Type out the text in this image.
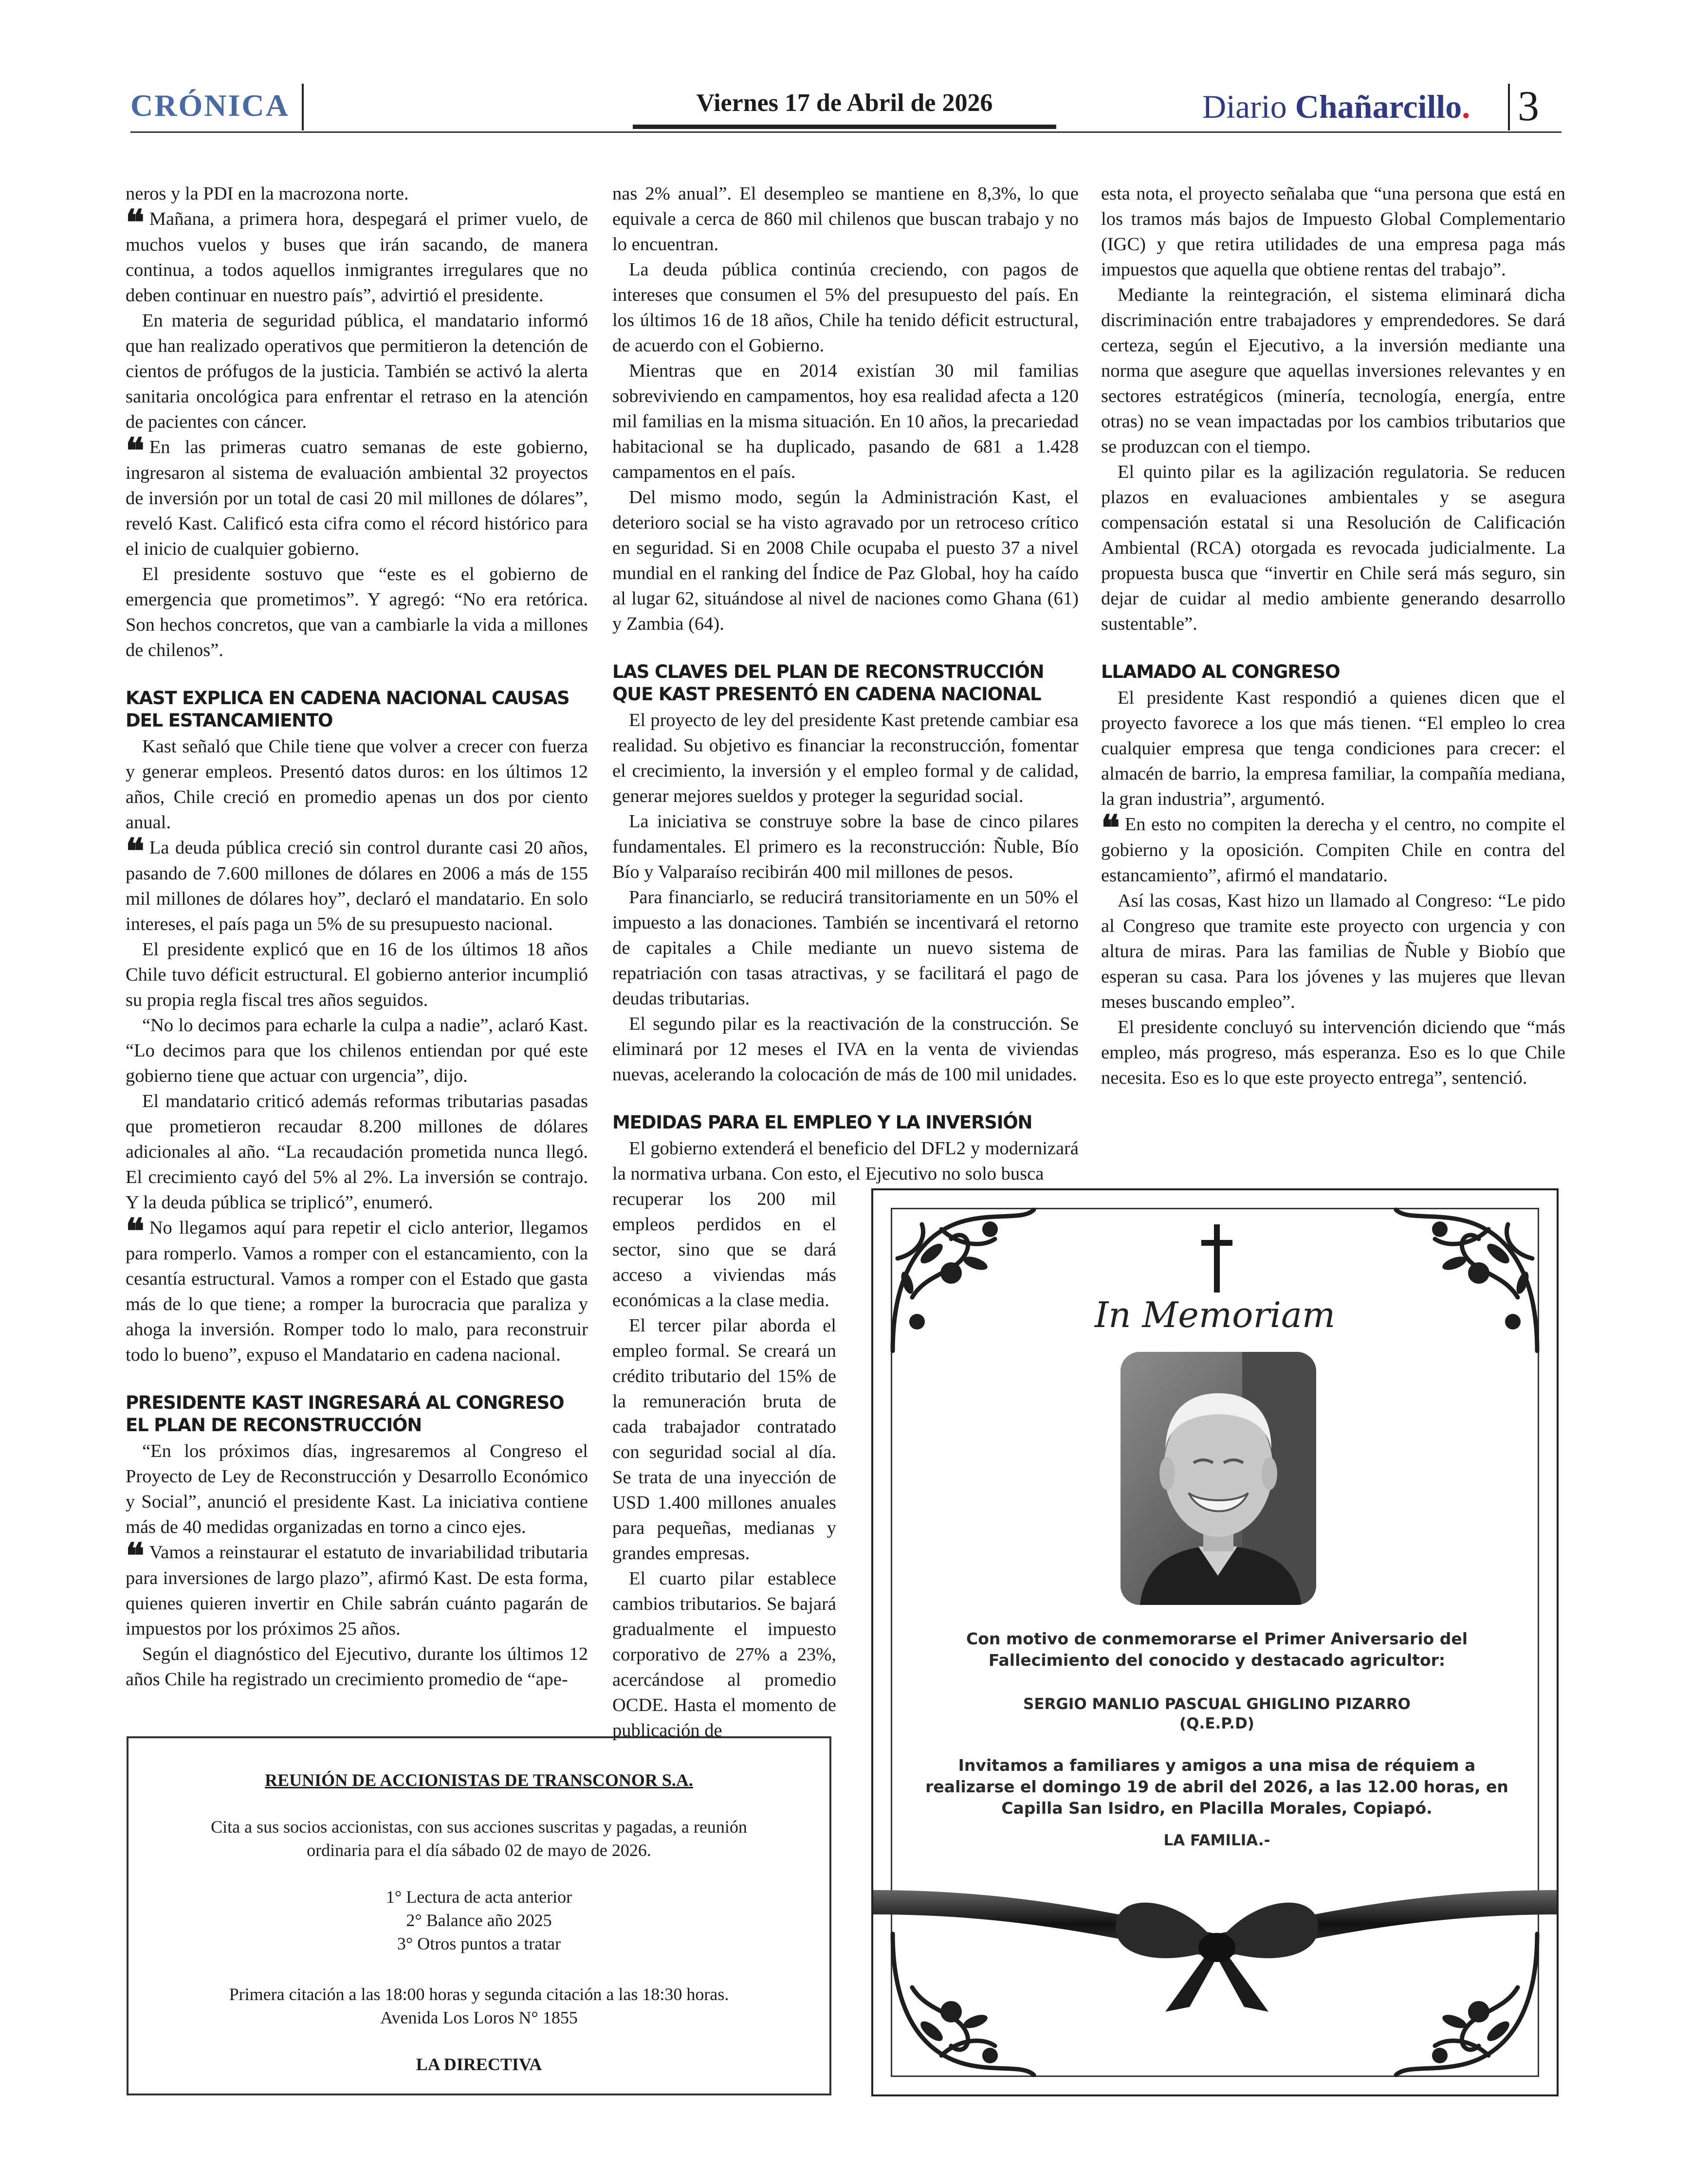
CRÓNICA	Viernes 17 de Abril de 2026	Diario Chañarcillo. 3

neros y la PDI en la macrozona norte.

❝ Mañana, a primera hora, despegará el primer vuelo, de muchos vuelos y buses que irán sacando, de manera continua, a todos aquellos inmigrantes irregulares que no deben continuar en nuestro país”, advirtió el presidente.

En materia de seguridad pública, el mandatario informó que han realizado operativos que permitieron la detención de cientos de prófugos de la justicia. También se activó la alerta sanitaria oncológica para enfrentar el retraso en la atención de pacientes con cáncer.

❝ En las primeras cuatro semanas de este gobierno, ingresaron al sistema de evaluación ambiental 32 proyectos de inversión por un total de casi 20 mil millones de dólares”, reveló Kast. Calificó esta cifra como el récord histórico para el inicio de cualquier gobierno.

El presidente sostuvo que “este es el gobierno de emergencia que prometimos”. Y agregó: “No era retórica. Son hechos concretos, que van a cambiarle la vida a millones de chilenos”.

KAST EXPLICA EN CADENA NACIONAL CAUSAS DEL ESTANCAMIENTO

Kast señaló que Chile tiene que volver a crecer con fuerza y generar empleos. Presentó datos duros: en los últimos 12 años, Chile creció en promedio apenas un dos por ciento anual.

❝ La deuda pública creció sin control durante casi 20 años, pasando de 7.600 millones de dólares en 2006 a más de 155 mil millones de dólares hoy”, declaró el mandatario. En solo intereses, el país paga un 5% de su presupuesto nacional.

El presidente explicó que en 16 de los últimos 18 años Chile tuvo déficit estructural. El gobierno anterior incumplió su propia regla fiscal tres años seguidos.

“No lo decimos para echarle la culpa a nadie”, aclaró Kast. “Lo decimos para que los chilenos entiendan por qué este gobierno tiene que actuar con urgencia”, dijo.

El mandatario criticó además reformas tributarias pasadas que prometieron recaudar 8.200 millones de dólares adicionales al año. “La recaudación prometida nunca llegó. El crecimiento cayó del 5% al 2%. La inversión se contrajo. Y la deuda pública se triplicó”, enumeró.

❝ No llegamos aquí para repetir el ciclo anterior, llegamos para romperlo. Vamos a romper con el estancamiento, con la cesantía estructural. Vamos a romper con el Estado que gasta más de lo que tiene; a romper la burocracia que paraliza y ahoga la inversión. Romper todo lo malo, para reconstruir todo lo bueno”, expuso el Mandatario en cadena nacional.

PRESIDENTE KAST INGRESARÁ AL CONGRESO EL PLAN DE RECONSTRUCCIÓN

“En los próximos días, ingresaremos al Congreso el Proyecto de Ley de Reconstrucción y Desarrollo Económico y Social”, anunció el presidente Kast. La iniciativa contiene más de 40 medidas organizadas en torno a cinco ejes.

❝ Vamos a reinstaurar el estatuto de invariabilidad tributaria para inversiones de largo plazo”, afirmó Kast. De esta forma, quienes quieren invertir en Chile sabrán cuánto pagarán de impuestos por los próximos 25 años.

Según el diagnóstico del Ejecutivo, durante los últimos 12 años Chile ha registrado un crecimiento promedio de “ape-

nas 2% anual”. El desempleo se mantiene en 8,3%, lo que equivale a cerca de 860 mil chilenos que buscan trabajo y no lo encuentran.

La deuda pública continúa creciendo, con pagos de intereses que consumen el 5% del presupuesto del país. En los últimos 16 de 18 años, Chile ha tenido déficit estructural, de acuerdo con el Gobierno.

Mientras que en 2014 existían 30 mil familias sobreviviendo en campamentos, hoy esa realidad afecta a 120 mil familias en la misma situación. En 10 años, la precariedad habitacional se ha duplicado, pasando de 681 a 1.428 campamentos en el país.

Del mismo modo, según la Administración Kast, el deterioro social se ha visto agravado por un retroceso crítico en seguridad. Si en 2008 Chile ocupaba el puesto 37 a nivel mundial en el ranking del Índice de Paz Global, hoy ha caído al lugar 62, situándose al nivel de naciones como Ghana (61) y Zambia (64).

LAS CLAVES DEL PLAN DE RECONSTRUCCIÓN QUE KAST PRESENTÓ EN CADENA NACIONAL

El proyecto de ley del presidente Kast pretende cambiar esa realidad. Su objetivo es financiar la reconstrucción, fomentar el crecimiento, la inversión y el empleo formal y de calidad, generar mejores sueldos y proteger la seguridad social.

La iniciativa se construye sobre la base de cinco pilares fundamentales. El primero es la reconstrucción: Ñuble, Bío Bío y Valparaíso recibirán 400 mil millones de pesos.

Para financiarlo, se reducirá transitoriamente en un 50% el impuesto a las donaciones. También se incentivará el retorno de capitales a Chile mediante un nuevo sistema de repatriación con tasas atractivas, y se facilitará el pago de deudas tributarias.

El segundo pilar es la reactivación de la construcción. Se eliminará por 12 meses el IVA en la venta de viviendas nuevas, acelerando la colocación de más de 100 mil unidades.

MEDIDAS PARA EL EMPLEO Y LA INVERSIÓN

El gobierno extenderá el beneficio del DFL2 y modernizará la normativa urbana. Con esto, el Ejecutivo no solo busca

recuperar los 200 mil empleos perdidos en el sector, sino que se dará acceso a viviendas más económicas a la clase media.

El tercer pilar aborda el empleo formal. Se creará un crédito tributario del 15% de la remuneración bruta de cada trabajador contratado con seguridad social al día. Se trata de una inyección de USD 1.400 millones anuales para pequeñas, medianas y grandes empresas.

El cuarto pilar establece cambios tributarios. Se bajará gradualmente el impuesto corporativo de 27% a 23%, acercándose al promedio OCDE. Hasta el momento de publicación de

esta nota, el proyecto señalaba que “una persona que está en los tramos más bajos de Impuesto Global Complementario (IGC) y que retira utilidades de una empresa paga más impuestos que aquella que obtiene rentas del trabajo”.

Mediante la reintegración, el sistema eliminará dicha discriminación entre trabajadores y emprendedores. Se dará certeza, según el Ejecutivo, a la inversión mediante una norma que asegure que aquellas inversiones relevantes y en sectores estratégicos (minería, tecnología, energía, entre otras) no se vean impactadas por los cambios tributarios que se produzcan con el tiempo.

El quinto pilar es la agilización regulatoria. Se reducen plazos en evaluaciones ambientales y se asegura compensación estatal si una Resolución de Calificación Ambiental (RCA) otorgada es revocada judicialmente. La propuesta busca que “invertir en Chile será más seguro, sin dejar de cuidar al medio ambiente generando desarrollo sustentable”.

LLAMADO AL CONGRESO

El presidente Kast respondió a quienes dicen que el proyecto favorece a los que más tienen. “El empleo lo crea cualquier empresa que tenga condiciones para crecer: el almacén de barrio, la empresa familiar, la compañía mediana, la gran industria”, argumentó.

❝ En esto no compiten la derecha y el centro, no compite el gobierno y la oposición. Compiten Chile en contra del estancamiento”, afirmó el mandatario.

Así las cosas, Kast hizo un llamado al Congreso: “Le pido al Congreso que tramite este proyecto con urgencia y con altura de miras. Para las familias de Ñuble y Biobío que esperan su casa. Para los jóvenes y las mujeres que llevan meses buscando empleo”.

El presidente concluyó su intervención diciendo que “más empleo, más progreso, más esperanza. Eso es lo que Chile necesita. Eso es lo que este proyecto entrega”, sentenció.

REUNIÓN DE ACCIONISTAS DE TRANSCONOR S.A.

Cita a sus socios accionistas, con sus acciones suscritas y pagadas, a reunión ordinaria para el día sábado 02 de mayo de 2026.

1° Lectura de acta anterior

2° Balance año 2025

3° Otros puntos a tratar

Primera citación a las 18:00 horas y segunda citación a las 18:30 horas.

Avenida Los Loros N° 1855

LA DIRECTIVA

In Memoriam
Con motivo de conmemorarse el Primer Aniversario del Fallecimiento del conocido y destacado agricultor:
SERGIO MANLIO PASCUAL GHIGLINO PIZARRO
(Q.E.P.D)
Invitamos a familiares y amigos a una misa de réquiem a realizarse el domingo 19 de abril del 2026, a las 12.00 horas, en Capilla San Isidro, en Placilla Morales, Copiapó.
LA FAMILIA.-
